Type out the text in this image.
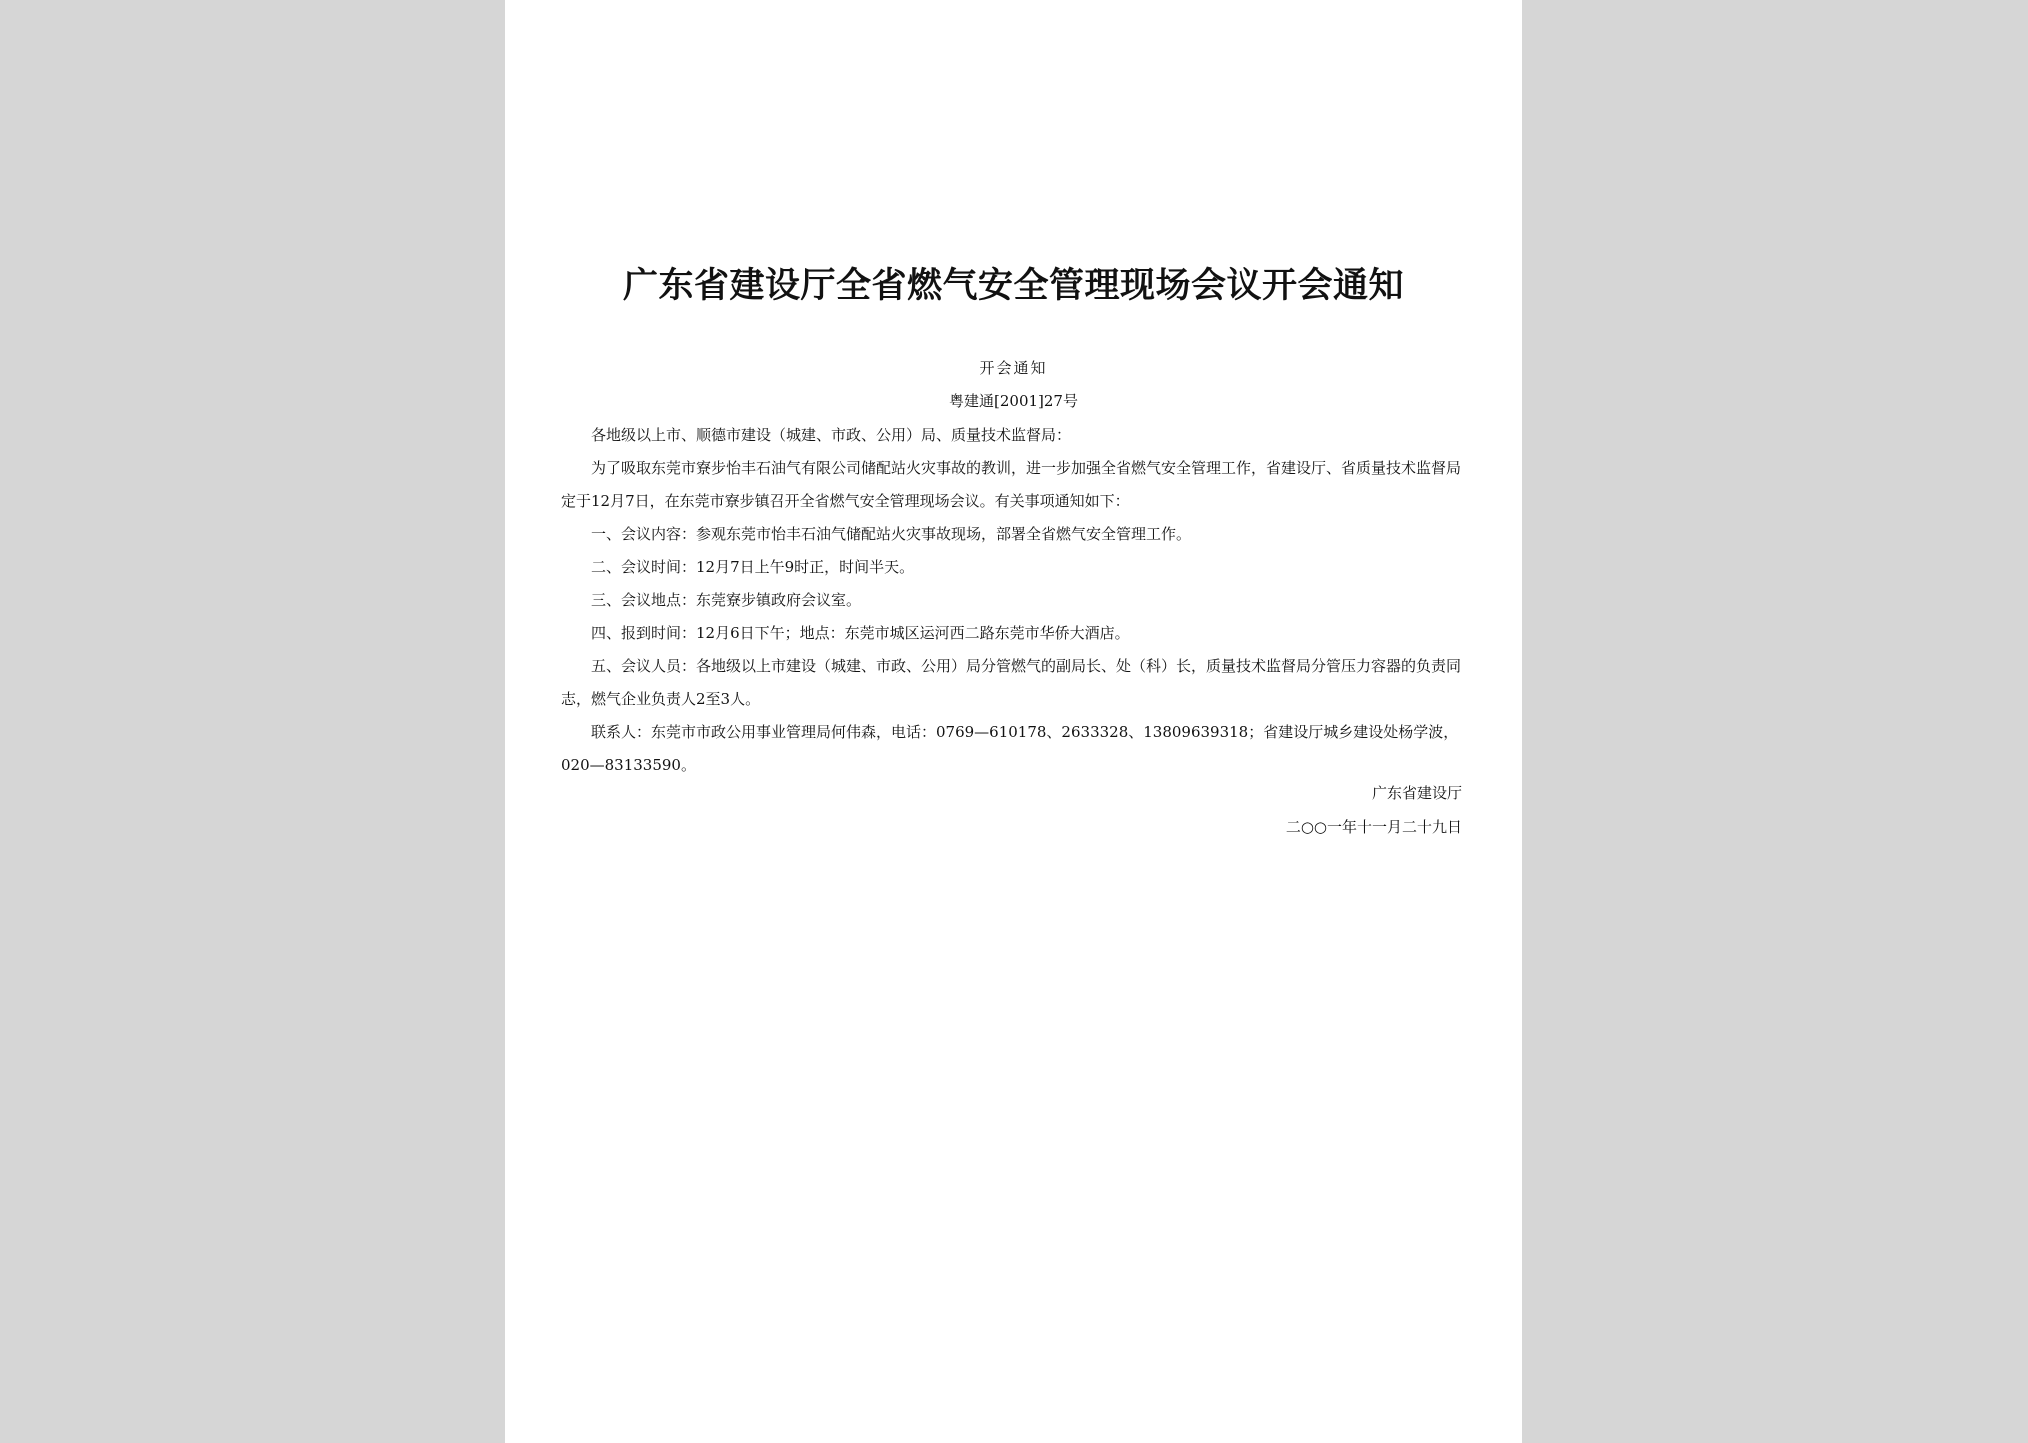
广东省建设厅全省燃气安全管理现场会议开会通知
开会通知
粤建通[2001]27号

各地级以上市、顺德市建设（城建、市政、公用）局、质量技术监督局：

为了吸取东莞市寮步怡丰石油气有限公司储配站火灾事故的教训，进一步加强全省燃气安全管理工作，省建设厅、省质量技术监督局定于12月7日，在东莞市寮步镇召开全省燃气安全管理现场会议。有关事项通知如下：

一、会议内容：参观东莞市怡丰石油气储配站火灾事故现场，部署全省燃气安全管理工作。

二、会议时间：12月7日上午9时正，时间半天。

三、会议地点：东莞寮步镇政府会议室。

四、报到时间：12月6日下午；地点：东莞市城区运河西二路东莞市华侨大酒店。

五、会议人员：各地级以上市建设（城建、市政、公用）局分管燃气的副局长、处（科）长，质量技术监督局分管压力容器的负责同志，燃气企业负责人2至3人。

联系人：东莞市市政公用事业管理局何伟森，电话：0769—610178、2633328、13809639318；省建设厅城乡建设处杨学波，020—83133590。

广东省建设厅
二○○一年十一月二十九日
